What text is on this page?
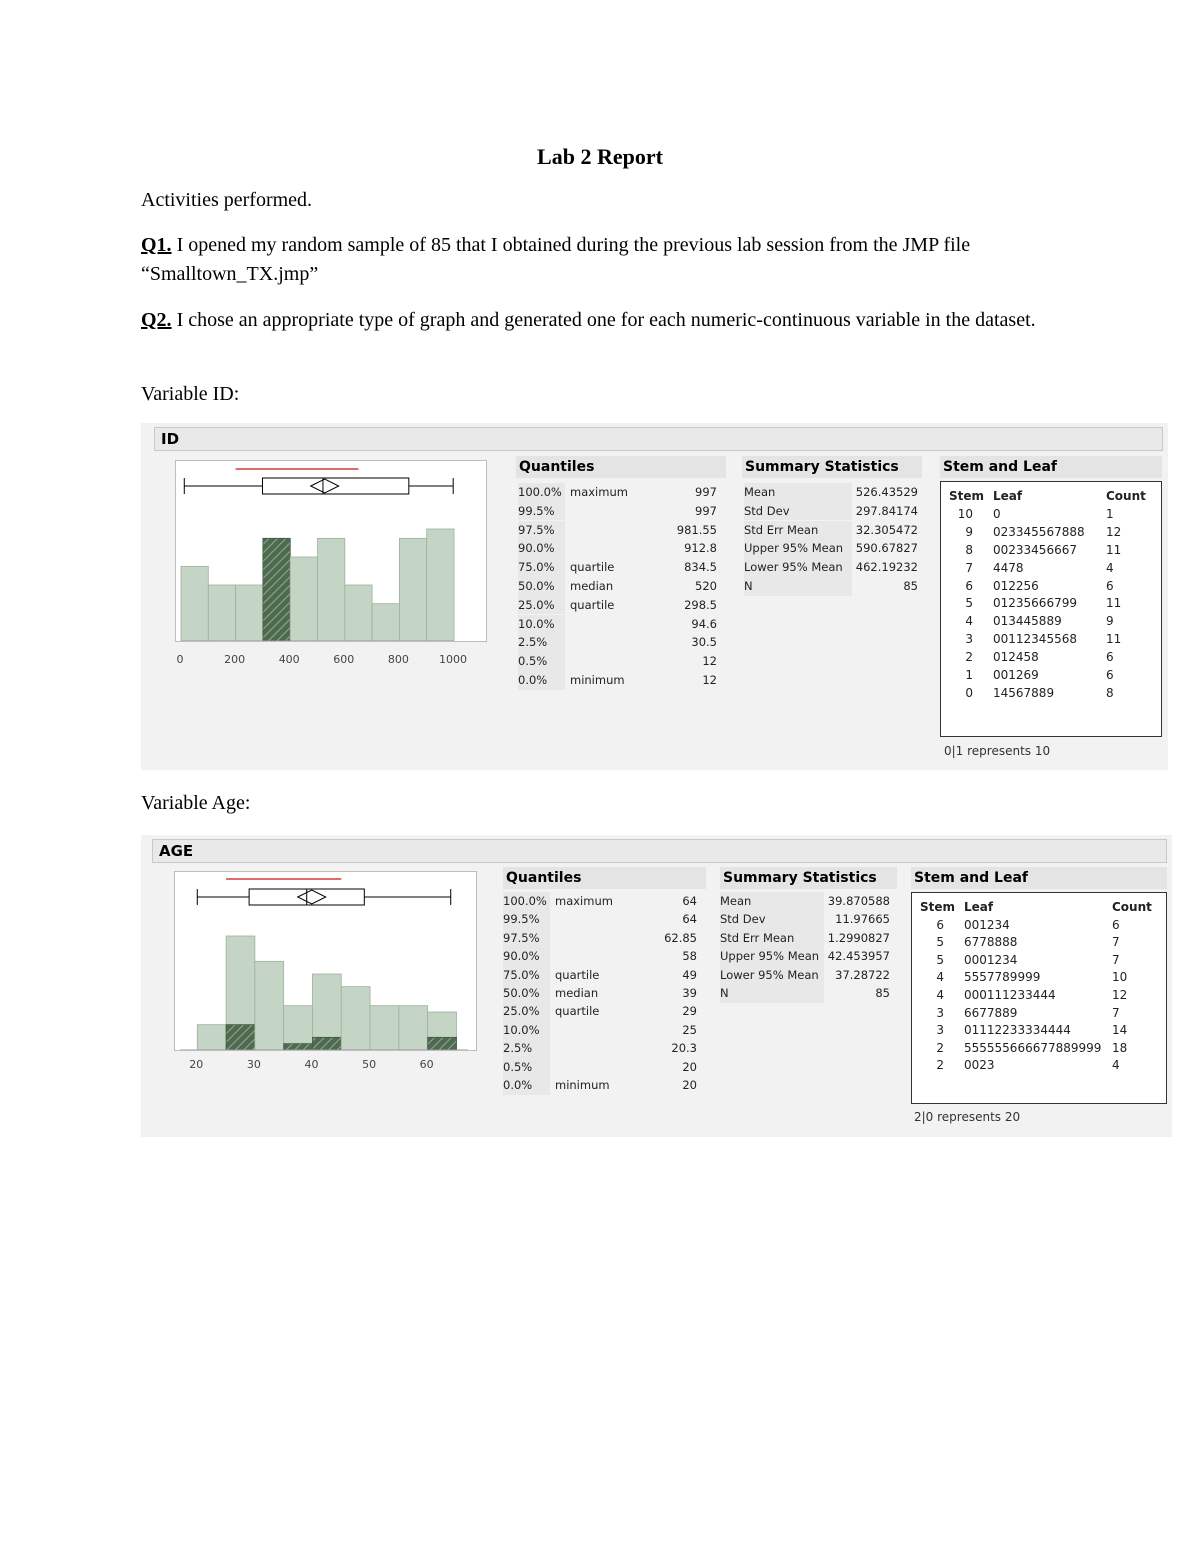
Lab 2 Report
Activities performed.
Q1. I opened my random sample of 85 that I obtained during the previous lab session from the JMP file “Smalltown_TX.jmp”
Q2. I chose an appropriate type of graph and generated one for each numeric-continuous variable in the dataset.
Variable ID:
Variable Age:
ID
0	200	400	600	800	1000
Quantiles
100.0% maximum	997
99.5%	997
97.5%	981.55
90.0%	912.8
75.0%	quartile	834.5
50.0%	median	520
25.0%	quartile	298.5
10.0%	94.6
2.5%	30.5
0.5%	12
0.0%	minimum	12
Summary Statistics
Mean	526.43529
Std Dev	297.84174
Std Err Mean	32.305472
Upper 95% Mean	590.67827
Lower 95% Mean	462.19232
N	85
Stem and Leaf
Stem Leaf	Count
10 0	1
9 023345567888 12
8 00233456667 11
7 4478	4
6 012256	6
5 01235666799 11
4 013445889	9
3 00112345568 11
2 012458	6
1 001269	6
0 14567889	8
0|1 represents 10
AGE
20	30	40	50	60
Quantiles
100.0% maximum	64
99.5%	64
97.5%	62.85
90.0%	58
75.0%	quartile	49
50.0%	median	39
25.0%	quartile	29
10.0%	25
2.5%	20.3
0.5%	20
0.0%	minimum	20
Summary Statistics
Mean	39.870588
Std Dev	11.97665
Std Err Mean	1.2990827
Upper 95% Mean 42.453957
Lower 95% Mean	37.28722
N	85
Stem and Leaf
Stem Leaf	Count
6 001234	6
5 6778888	7
5 0001234	7
4 5557789999	10
4 000111233444	12
3 6677889	7
3 01112233334444	14
2 555555666677889999 18
2 0023	4
2|0 represents 20
